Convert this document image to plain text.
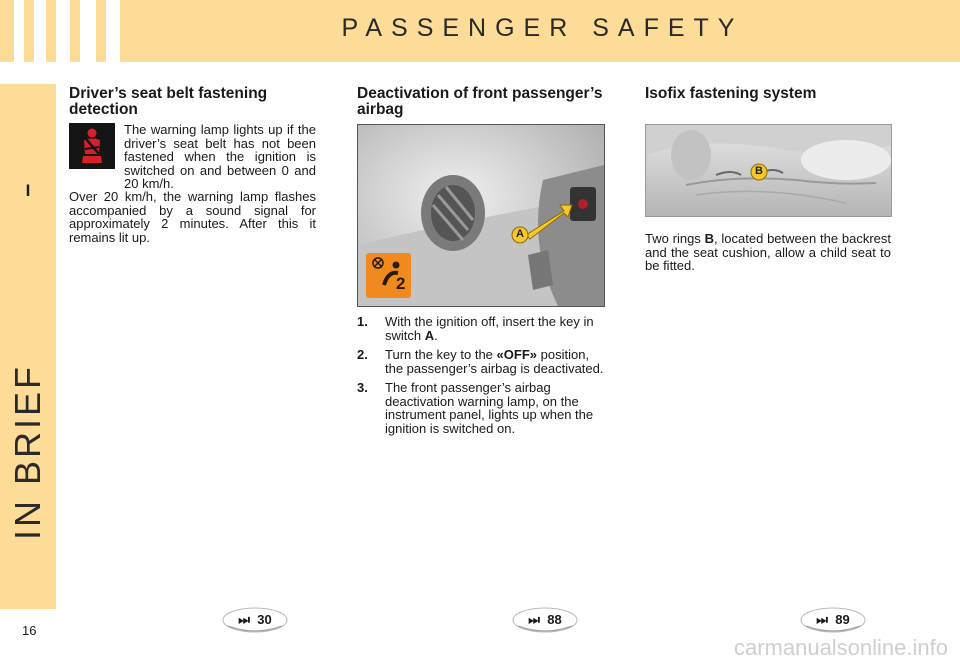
PASSENGER SAFETY
I
IN BRIEF
16
Driver’s seat belt fastening detection

The warning lamp lights up if the driver’s seat belt has not been fastened when the ignition is switched on and between 0 and 20 km/h.

Over 20 km/h, the warning lamp flashes accompanied by a sound signal for approximately 2 minutes. After this it remains lit up.

Deactivation of front passenger’s airbag
2
A
1. With the ignition off, insert the key in switch A.
2. Turn the key to the «OFF» position, the passenger’s airbag is deactivated.
3. The front passenger’s airbag deactivation warning lamp, on the instrument panel, lights up when the ignition is switched on.
Isofix fastening system
B

Two rings B, located between the backrest and the seat cushion, allow a child seat to be fitted.

⏭ 30	⏭ 88	⏭ 89
carmanualsonline.info
